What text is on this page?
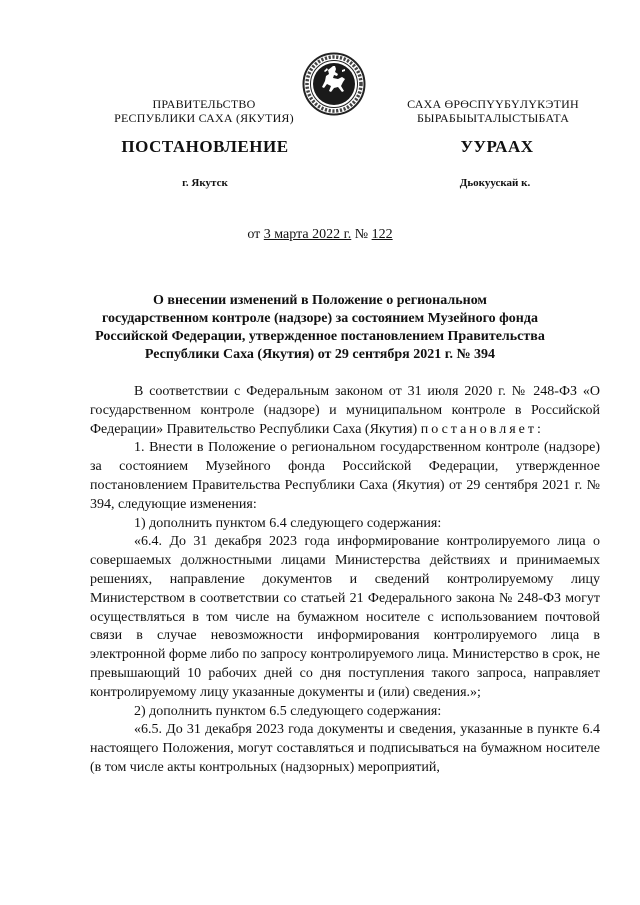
ПРАВИТЕЛЬСТВО
РЕСПУБЛИКИ САХА (ЯКУТИЯ)
САХА ӨРӨСПҮҮБҮЛҮКЭТИН
БЫРАБЫЫТАЛЫСТЫБАТА
ПОСТАНОВЛЕНИЕ	УУРААХ
г. Якутск	Дьокуускай к.
от 3 марта 2022 г. № 122
О внесении изменений в Положение о региональном
государственном контроле (надзоре) за состоянием Музейного фонда
Российской Федерации, утвержденное постановлением Правительства
Республики Саха (Якутия) от 29 сентября 2021 г. № 394

В соответствии с Федеральным законом от 31 июля 2020 г. № 248-ФЗ «О государственном контроле (надзоре) и муниципальном контроле в Российской Федерации» Правительство Республики Саха (Якутия) постановляет:

1. Внести в Положение о региональном государственном контроле (надзоре) за состоянием Музейного фонда Российской Федерации, утвержденное постановлением Правительства Республики Саха (Якутия) от 29 сентября 2021 г. № 394, следующие изменения:

1) дополнить пунктом 6.4 следующего содержания:

«6.4. До 31 декабря 2023 года информирование контролируемого лица о совершаемых должностными лицами Министерства действиях и принимаемых решениях, направление документов и сведений контролируемому лицу Министерством в соответствии со статьей 21 Федерального закона № 248-ФЗ могут осуществляться в том числе на бумажном носителе с использованием почтовой связи в случае невозможности информирования контролируемого лица в электронной форме либо по запросу контролируемого лица. Министерство в срок, не превышающий 10 рабочих дней со дня поступления такого запроса, направляет контролируемому лицу указанные документы и (или) сведения.»;

2) дополнить пунктом 6.5 следующего содержания:

«6.5. До 31 декабря 2023 года документы и сведения, указанные в пункте 6.4 настоящего Положения, могут составляться и подписываться на бумажном носителе (в том числе акты контрольных (надзорных) мероприятий,
